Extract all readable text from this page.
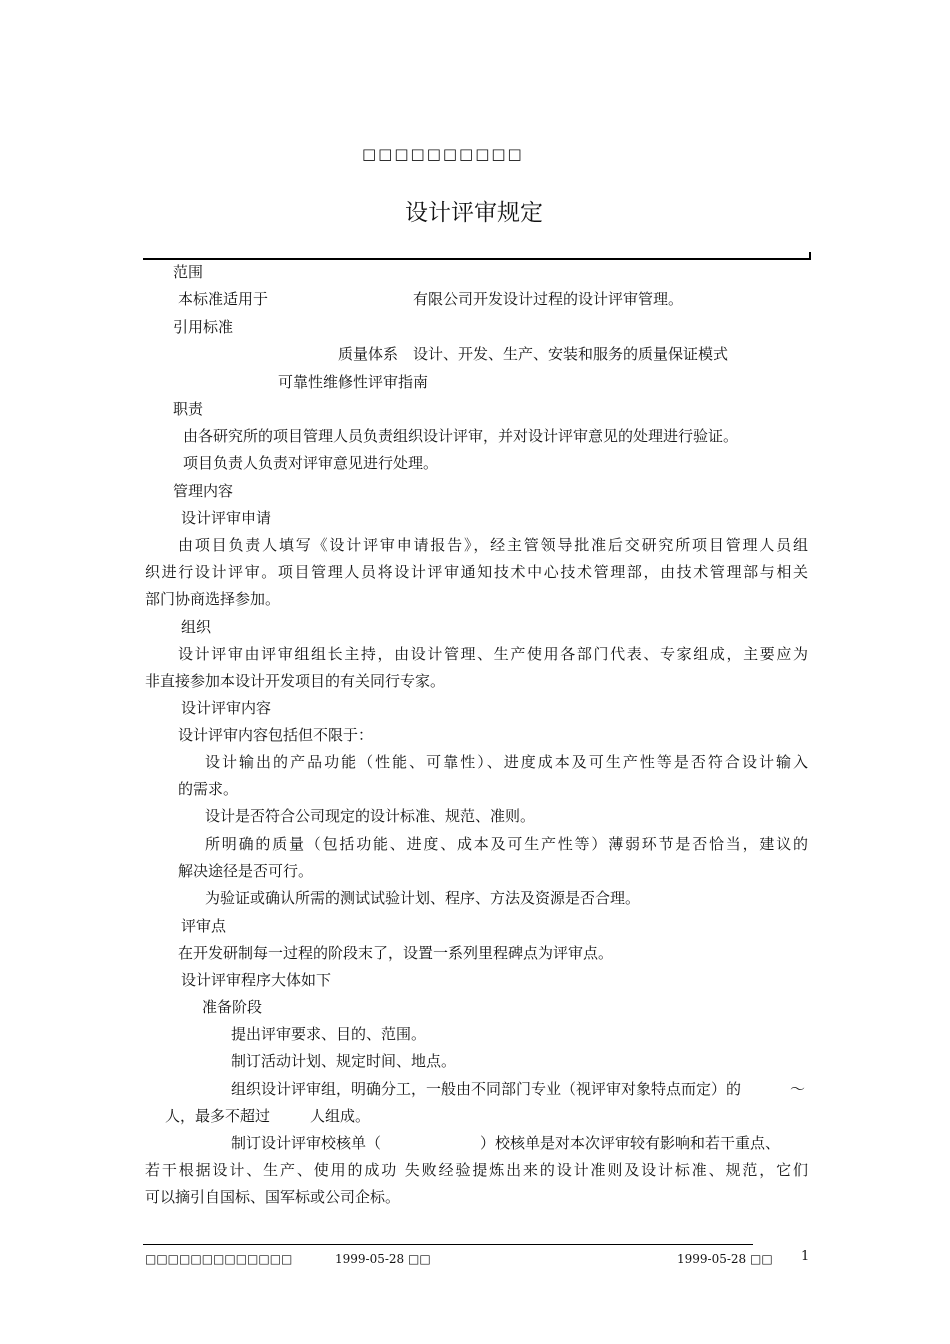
□□□□□□□□□□
设计评审规定
范围
本标准适用于	有限公司开发设计过程的设计评审管理。
引用标准
质量体系　设计、开发、生产、安装和服务的质量保证模式
可靠性维修性评审指南
职责
由各研究所的项目管理人员负责组织设计评审，并对设计评审意见的处理进行验证。
项目负责人负责对评审意见进行处理。
管理内容
设计评审申请
由项目负责人填写《设计评审申请报告》，经主管领导批准后交研究所项目管理人员组
织进行设计评审。项目管理人员将设计评审通知技术中心技术管理部，由技术管理部与相关
部门协商选择参加。
组织
设计评审由评审组组长主持，由设计管理、生产使用各部门代表、专家组成，主要应为
非直接参加本设计开发项目的有关同行专家。
设计评审内容
设计评审内容包括但不限于：
设计输出的产品功能（性能、可靠性）、进度成本及可生产性等是否符合设计输入
的需求。
设计是否符合公司现定的设计标准、规范、准则。
所明确的质量（包括功能、进度、成本及可生产性等）薄弱环节是否恰当，建议的
解决途径是否可行。
为验证或确认所需的测试试验计划、程序、方法及资源是否合理。
评审点
在开发研制每一过程的阶段末了，设置一系列里程碑点为评审点。
设计评审程序大体如下
准备阶段
提出评审要求、目的、范围。
制订活动计划、规定时间、地点。
组织设计评审组，明确分工，一般由不同部门专业（视评审对象特点而定）的	～
人，最多不超过	人组成。
制订设计评审校核单（	）校核单是对本次评审较有影响和若干重点、
若干根据设计、生产、使用的成功 失败经验提炼出来的设计准则及设计标准、规范，它们
可以摘引自国标、国军标或公司企标。
□□□□□□□□□□□□□	1999-05-28 □□	1999-05-28 □□ 1
